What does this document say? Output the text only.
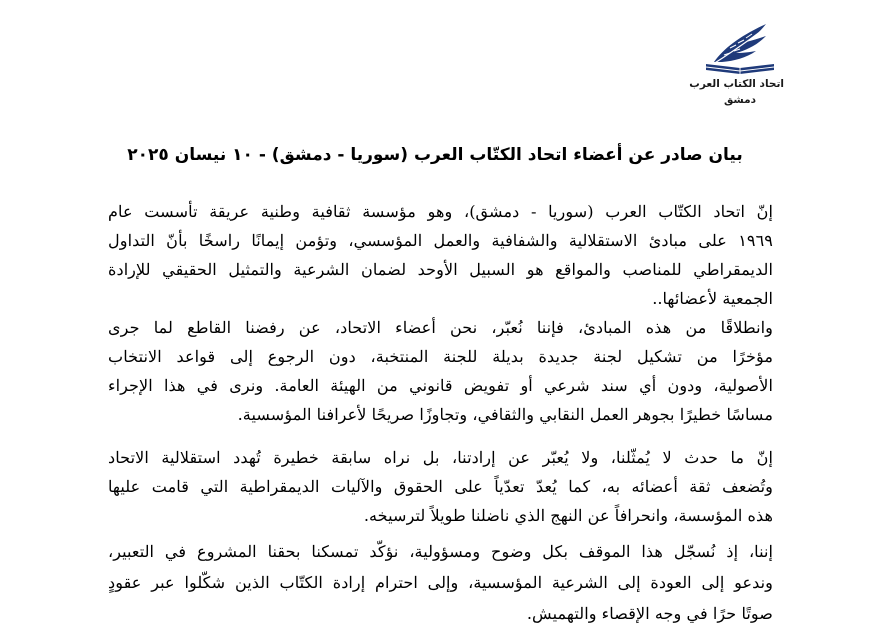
اتحاد الكتاب العرب
دمشق
بيان صادر عن أعضاء اتحاد الكتّاب العرب (سوريا - دمشق) - ١٠ نيسان ٢٠٢٥
إنّ اتحاد الكتّاب العرب (سوريا - دمشق)، وهو مؤسسة ثقافية وطنية عريقة تأسست عام
١٩٦٩ على مبادئ الاستقلالية والشفافية والعمل المؤسسي، وتؤمن إيمانًا راسخًا بأنّ التداول
الديمقراطي للمناصب والمواقع هو السبيل الأوحد لضمان الشرعية والتمثيل الحقيقي للإرادة
الجمعية لأعضائها..
وانطلاقًا من هذه المبادئ، فإننا نُعبّر، نحن أعضاء الاتحاد، عن رفضنا القاطع لما جرى
مؤخرًا من تشكيل لجنة جديدة بديلة للجنة المنتخبة، دون الرجوع إلى قواعد الانتخاب
الأصولية، ودون أي سند شرعي أو تفويض قانوني من الهيئة العامة. ونرى في هذا الإجراء
مساسًا خطيرًا بجوهر العمل النقابي والثقافي، وتجاوزًا صريحًا لأعرافنا المؤسسية.
إنّ ما حدث لا يُمثّلنا، ولا يُعبّر عن إرادتنا، بل نراه سابقة خطيرة تُهدد استقلالية الاتحاد
وتُضعف ثقة أعضائه به، كما يُعدّ تعدّياً على الحقوق والآليات الديمقراطية التي قامت عليها
هذه المؤسسة، وانحرافاً عن النهج الذي ناضلنا طويلاً لترسيخه.
إننا، إذ نُسجّل هذا الموقف بكل وضوح ومسؤولية، نؤكّد تمسكنا بحقنا المشروع في التعبير،
وندعو إلى العودة إلى الشرعية المؤسسية، وإلى احترام إرادة الكتّاب الذين شكّلوا عبر عقودٍ
صوتًا حرًا في وجه الإقصاء والتهميش.
